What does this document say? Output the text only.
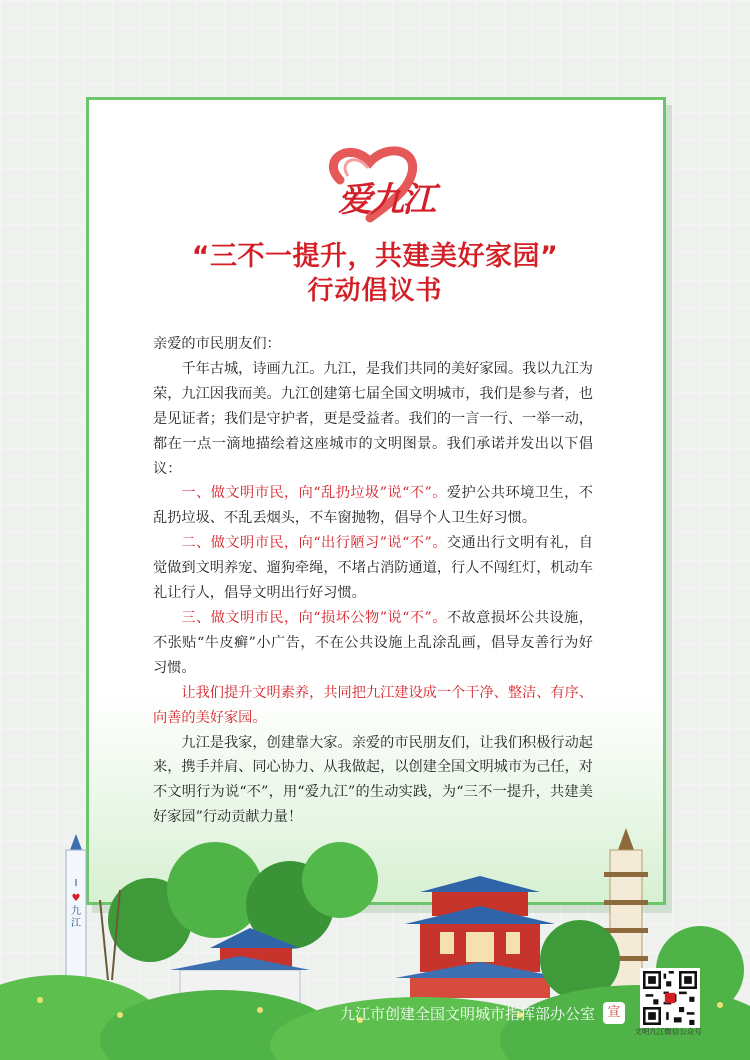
爱九江
“三不一提升，共建美好家园”
行动倡议书

亲爱的市民朋友们：

千年古城，诗画九江。九江，是我们共同的美好家园。我以九江为荣，九江因我而美。九江创建第七届全国文明城市，我们是参与者，也是见证者；我们是守护者，更是受益者。我们的一言一行、一举一动，都在一点一滴地描绘着这座城市的文明图景。我们承诺并发出以下倡议：

一、做文明市民，向“乱扔垃圾”说“不”。爱护公共环境卫生，不乱扔垃圾、不乱丢烟头，不车窗抛物，倡导个人卫生好习惯。

二、做文明市民，向“出行陋习”说“不”。交通出行文明有礼，自觉做到文明养宠、遛狗牵绳，不堵占消防通道，行人不闯红灯，机动车礼让行人，倡导文明出行好习惯。

三、做文明市民，向“损坏公物”说“不”。不故意损坏公共设施，不张贴“牛皮癣”小广告，不在公共设施上乱涂乱画，倡导友善行为好习惯。

让我们提升文明素养，共同把九江建设成一个干净、整洁、有序、向善的美好家园。

九江是我家，创建靠大家。亲爱的市民朋友们，让我们积极行动起来，携手并肩、同心协力、从我做起，以创建全国文明城市为己任，对不文明行为说“不”，用“爱九江”的生动实践，为“三不一提升，共建美好家园”行动贡献力量！

I
♥
九江
九江市创建全国文明城市指挥部办公室 宣
文明九江微信公众号
